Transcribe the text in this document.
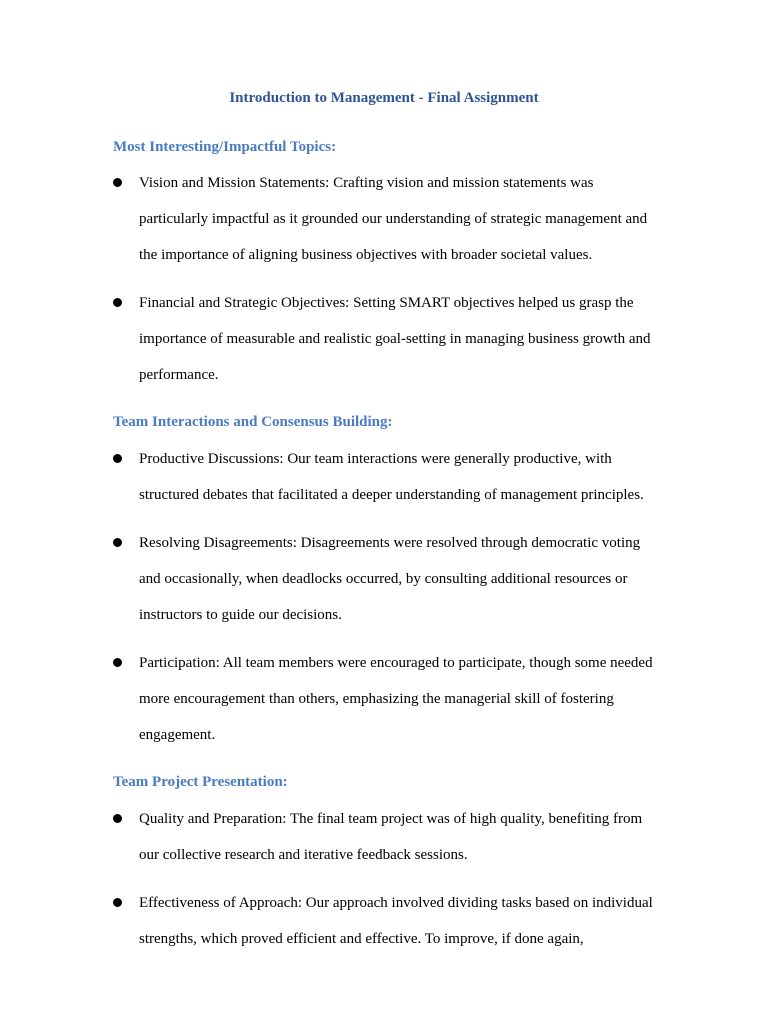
Introduction to Management - Final Assignment
Most Interesting/Impactful Topics:
Vision and Mission Statements: Crafting vision and mission statements was particularly impactful as it grounded our understanding of strategic management and the importance of aligning business objectives with broader societal values.
Financial and Strategic Objectives: Setting SMART objectives helped us grasp the importance of measurable and realistic goal-setting in managing business growth and performance.
Team Interactions and Consensus Building:
Productive Discussions: Our team interactions were generally productive, with structured debates that facilitated a deeper understanding of management principles.
Resolving Disagreements: Disagreements were resolved through democratic voting and occasionally, when deadlocks occurred, by consulting additional resources or instructors to guide our decisions.
Participation: All team members were encouraged to participate, though some needed more encouragement than others, emphasizing the managerial skill of fostering engagement.
Team Project Presentation:
Quality and Preparation: The final team project was of high quality, benefiting from our collective research and iterative feedback sessions.
Effectiveness of Approach: Our approach involved dividing tasks based on individual strengths, which proved efficient and effective. To improve, if done again,
